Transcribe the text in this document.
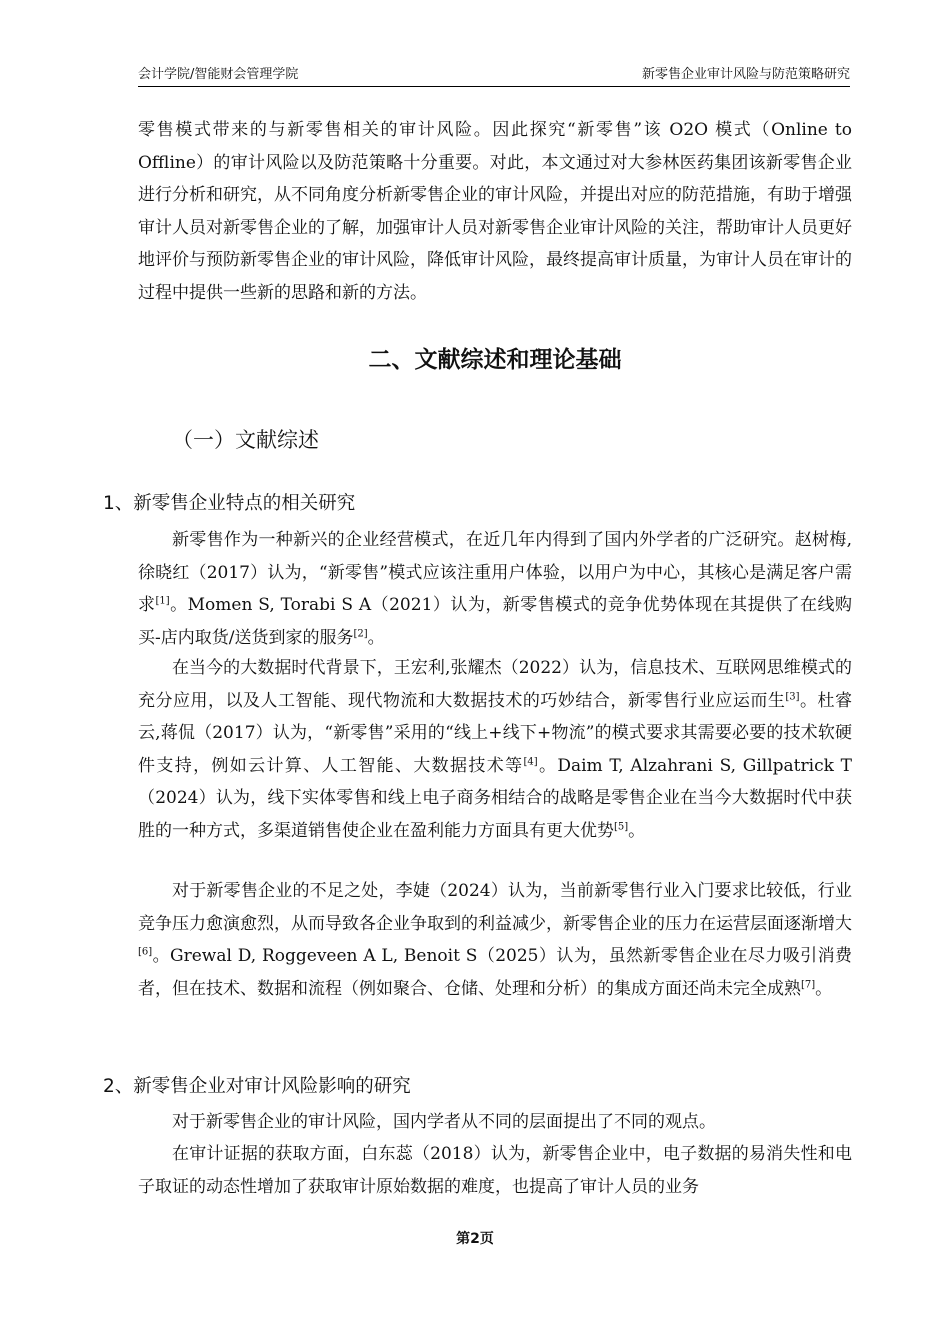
会计学院/智能财会管理学院	新零售企业审计风险与防范策略研究

零售模式带来的与新零售相关的审计风险。因此探究“新零售”该 O2O 模式（Online to Offline）的审计风险以及防范策略十分重要。对此，本文通过对大参林医药集团该新零售企业进行分析和研究，从不同角度分析新零售企业的审计风险，并提出对应的防范措施，有助于增强审计人员对新零售企业的了解，加强审计人员对新零售企业审计风险的关注，帮助审计人员更好地评价与预防新零售企业的审计风险，降低审计风险，最终提高审计质量，为审计人员在审计的过程中提供一些新的思路和新的方法。

二、文献综述和理论基础
（一）文献综述
1、新零售企业特点的相关研究

新零售作为一种新兴的企业经营模式，在近几年内得到了国内外学者的广泛研究。赵树梅,徐晓红（2017）认为，“新零售”模式应该注重用户体验，以用户为中心，其核心是满足客户需求[1]。Momen S, Torabi S A（2021）认为，新零售模式的竞争优势体现在其提供了在线购买-店内取货/送货到家的服务[2]。

在当今的大数据时代背景下，王宏利,张耀杰（2022）认为，信息技术、互联网思维模式的充分应用，以及人工智能、现代物流和大数据技术的巧妙结合，新零售行业应运而生[3]。杜睿云,蒋侃（2017）认为，“新零售”采用的“线上+线下+物流”的模式要求其需要必要的技术软硬件支持，例如云计算、人工智能、大数据技术等[4]。Daim T, Alzahrani S, Gillpatrick T（2024）认为，线下实体零售和线上电子商务相结合的战略是零售企业在当今大数据时代中获胜的一种方式，多渠道销售使企业在盈利能力方面具有更大优势[5]。

对于新零售企业的不足之处，李婕（2024）认为，当前新零售行业入门要求比较低，行业竞争压力愈演愈烈，从而导致各企业争取到的利益减少，新零售企业的压力在运营层面逐渐增大[6]。Grewal D, Roggeveen A L, Benoit S（2025）认为，虽然新零售企业在尽力吸引消费者，但在技术、数据和流程（例如聚合、仓储、处理和分析）的集成方面还尚未完全成熟[7]。

2、新零售企业对审计风险影响的研究

对于新零售企业的审计风险，国内学者从不同的层面提出了不同的观点。

在审计证据的获取方面，白东蕊（2018）认为，新零售企业中，电子数据的易消失性和电子取证的动态性增加了获取审计原始数据的难度，也提高了审计人员的业务

第2页
